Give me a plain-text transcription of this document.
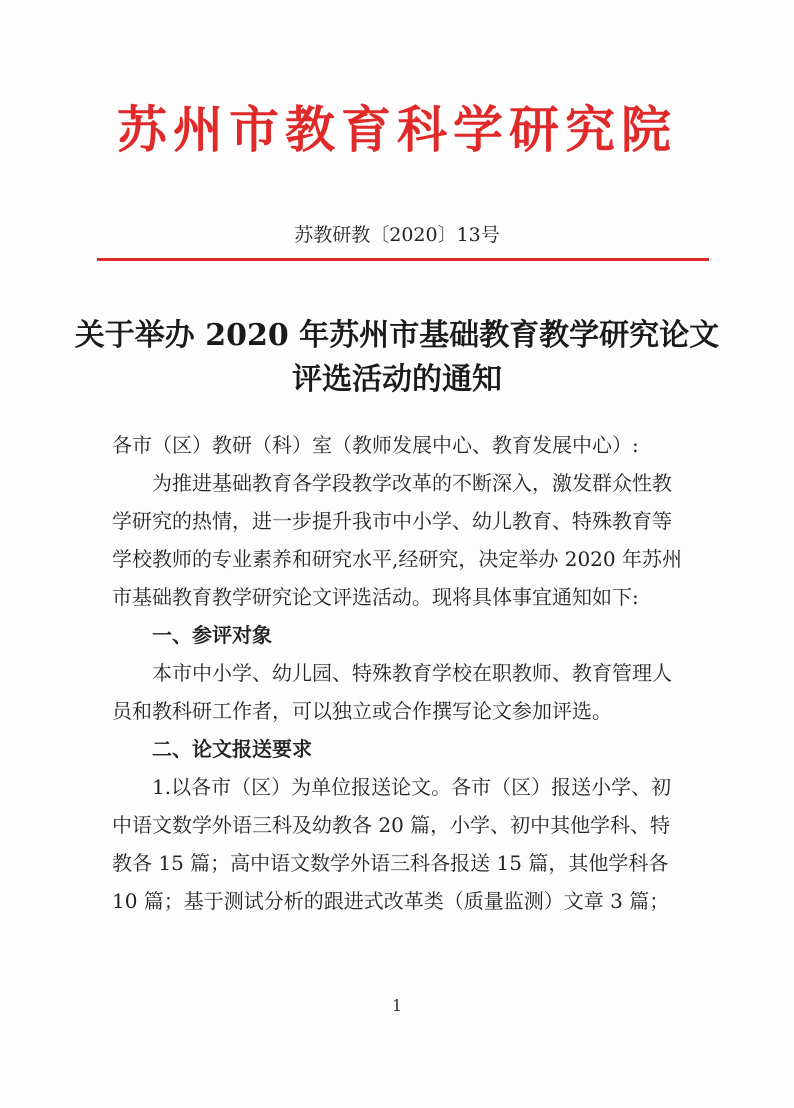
苏州市教育科学研究院
苏教研教〔2020〕13号
关于举办 2020 年苏州市基础教育教学研究论文
评选活动的通知

各市（区）教研（科）室（教师发展中心、教育发展中心）:

为推进基础教育各学段教学改革的不断深入，激发群众性教学研究的热情，进一步提升我市中小学、幼儿教育、特殊教育等学校教师的专业素养和研究水平,经研究，决定举办 2020 年苏州市基础教育教学研究论文评选活动。现将具体事宜通知如下:

一、参评对象

本市中小学、幼儿园、特殊教育学校在职教师、教育管理人员和教科研工作者，可以独立或合作撰写论文参加评选。

二、论文报送要求

1.以各市（区）为单位报送论文。各市（区）报送小学、初中语文数学外语三科及幼教各 20 篇，小学、初中其他学科、特教各 15 篇；高中语文数学外语三科各报送 15 篇，其他学科各 10 篇；基于测试分析的跟进式改革类（质量监测）文章 3 篇；

1
